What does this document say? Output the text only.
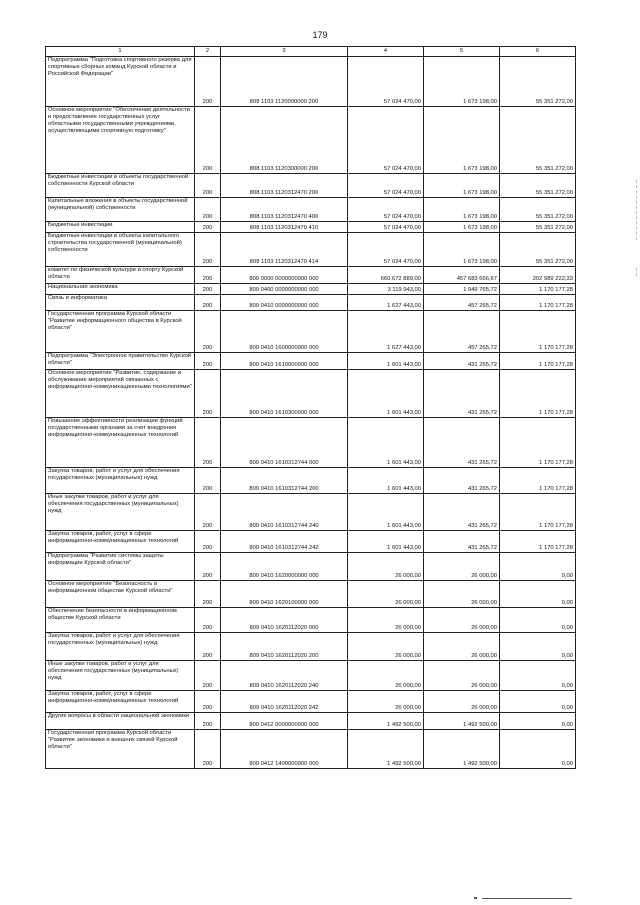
179
1	2	3	4	5	6
Подпрограмма "Подготовка спортивного резерва для спортивных сборных команд Курской области и Российской Федерации"	200	808 1103 1120000000 200	57 024 470,00	1 673 198,00	55 351 272,00
Основное мероприятие "Обеспечение деятельности и предоставление государственных услуг областными государственными учреждениями, осуществляющими спортивную подготовку"	200	808 1103 1120300000 200	57 024 470,00	1 673 198,00	55 351 272,00
Бюджетные инвестиции в объекты государственной собственности Курской области	200	808 1103 1120312470 200	57 024 470,00	1 673 198,00	55 351 272,00
Капитальные вложения в объекты государственной (муниципальной) собственности	200	808 1103 1120312470 400	57 024 470,00	1 673 198,00	55 351 272,00
Бюджетные инвестиции	200	808 1103 1120312470 410	57 024 470,00	1 673 198,00	55 351 272,00
Бюджетные инвестиции в объекты капитального строительства государственной (муниципальной) собственности	200	808 1103 1120312470 414	57 024 470,00	1 673 198,00	55 351 272,00
комитет по физической культуре и спорту Курской области	200	809 0000 0000000000 000	660 672 889,00	457 683 666,67	202 989 222,33
Национальная экономика	200	809 0400 0000000000 000	3 119 943,00	1 949 765,72	1 170 177,28
Связь и информатика	200	809 0410 0000000000 000	1 627 443,00	457 265,72	1 170 177,28
Государственная программа Курской области "Развитие информационного общества в Курской области"	200	809 0410 1600000000 000	1 627 443,00	457 265,72	1 170 177,28
Подпрограмма "Электронное правительство Курской области"	200	809 0410 1610000000 000	1 601 443,00	431 265,72	1 170 177,28
Основное мероприятие "Развитие, содержание и обслуживание мероприятий связанных с информационно-коммуникационными технологиями"	200	809 0410 1610300000 000	1 601 443,00	431 265,72	1 170 177,28
Повышение эффективности реализации функций государственными органами за счет внедрения информационно-коммуникационных технологий	200	809 0410 1610312744 000	1 601 443,00	431 265,72	1 170 177,28
Закупка товаров, работ и услуг для обеспечения государственных (муниципальных) нужд	200	809 0410 1610312744 200	1 601 443,00	431 265,72	1 170 177,28
Иные закупки товаров, работ и услуг для обеспечения государственных (муниципальных) нужд	200	809 0410 1610312744 240	1 601 443,00	431 265,72	1 170 177,28
Закупка товаров, работ, услуг в сфере информационно-коммуникационных технологий	200	809 0410 1610312744 242	1 601 443,00	431 265,72	1 170 177,28
Подпрограмма "Развитие системы защиты информации Курской области"	200	809 0410 1620000000 000	26 000,00	26 000,00	0,00
Основное мероприятие "Безопасность в информационном обществе Курской области"	200	809 0410 1620100000 000	26 000,00	26 000,00	0,00
Обеспечение безопасности в информационном обществе Курской области	200	809 0410 1620112020 000	26 000,00	26 000,00	0,00
Закупка товаров, работ и услуг для обеспечения государственных (муниципальных) нужд	200	809 0410 1620112020 200	26 000,00	26 000,00	0,00
Иные закупки товаров, работ и услуг для обеспечения государственных (муниципальных) нужд	200	809 0410 1620112020 240	26 000,00	26 000,00	0,00
Закупка товаров, работ, услуг в сфере информационно-коммуникационных технологий	200	809 0410 1620112020 242	26 000,00	26 000,00	0,00
Другие вопросы в области национальной экономики	200	809 0412 0000000000 000	1 492 500,00	1 492 500,00	0,00
Государственная программа Курской области "Развитие экономики и внешних связей Курской области"	200	809 0412 1400000000 000	1 492 500,00	1 492 500,00	0,00
